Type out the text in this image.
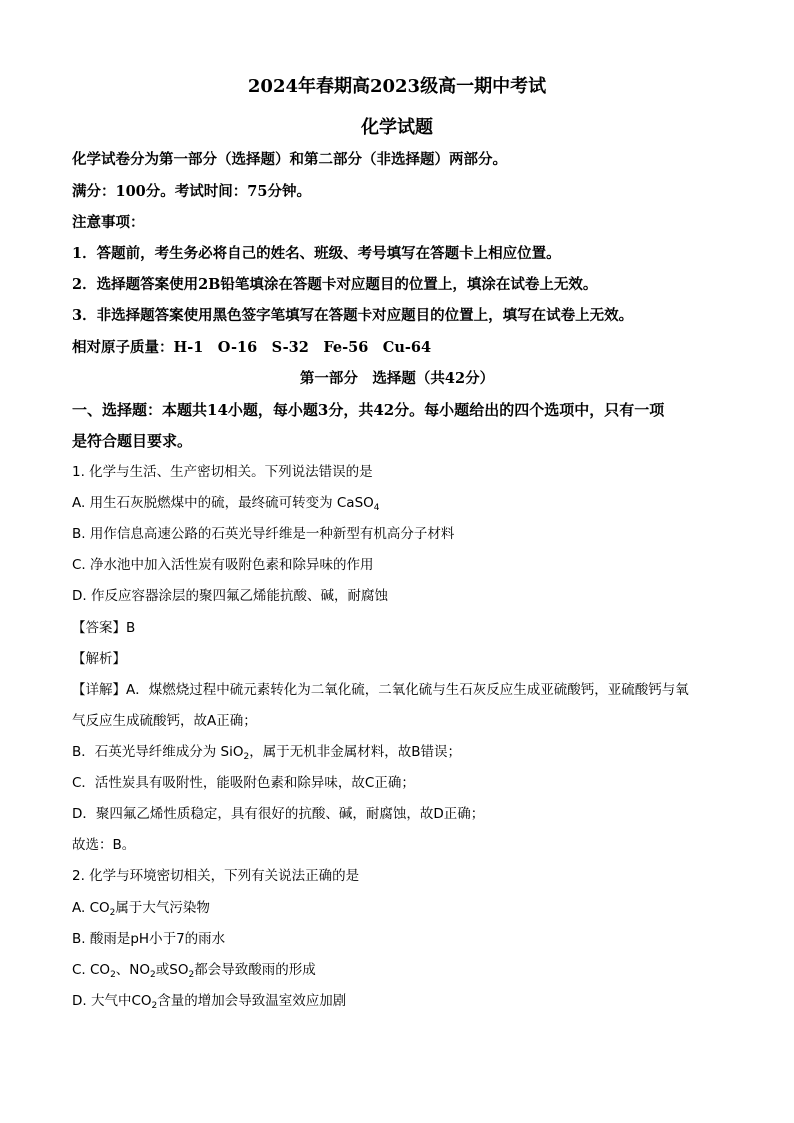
2024年春期高2023级高一期中考试
化学试题
化学试卷分为第一部分（选择题）和第二部分（非选择题）两部分。
满分：100分。考试时间：75分钟。
注意事项：
1．答题前，考生务必将自己的姓名、班级、考号填写在答题卡上相应位置。
2．选择题答案使用2B铅笔填涂在答题卡对应题目的位置上，填涂在试卷上无效。
3．非选择题答案使用黑色签字笔填写在答题卡对应题目的位置上，填写在试卷上无效。
相对原子质量：H-1　O-16　S-32　Fe-56　Cu-64
第一部分　选择题（共42分）
一、选择题：本题共14小题，每小题3分，共42分。每小题给出的四个选项中，只有一项
是符合题目要求。
1. 化学与生活、生产密切相关。下列说法错误的是
A. 用生石灰脱燃煤中的硫，最终硫可转变为 CaSO$_4$
B. 用作信息高速公路的石英光导纤维是一种新型有机高分子材料
C. 净水池中加入活性炭有吸附色素和除异味的作用
D. 作反应容器涂层的聚四氟乙烯能抗酸、碱，耐腐蚀
【答案】B
【解析】
【详解】A．煤燃烧过程中硫元素转化为二氧化硫，二氧化硫与生石灰反应生成亚硫酸钙，亚硫酸钙与氧
气反应生成硫酸钙，故A正确；
B．石英光导纤维成分为 SiO$_2$，属于无机非金属材料，故B错误；
C．活性炭具有吸附性，能吸附色素和除异味，故C正确；
D．聚四氟乙烯性质稳定，具有很好的抗酸、碱，耐腐蚀，故D正确；
故选：B。
2. 化学与环境密切相关，下列有关说法正确的是
A. $CO_2$属于大气污染物
B. 酸雨是pH小于7的雨水
C. $CO_2$、$NO_2$或$SO_2$都会导致酸雨的形成
D. 大气中$CO_2$含量的增加会导致温室效应加剧
